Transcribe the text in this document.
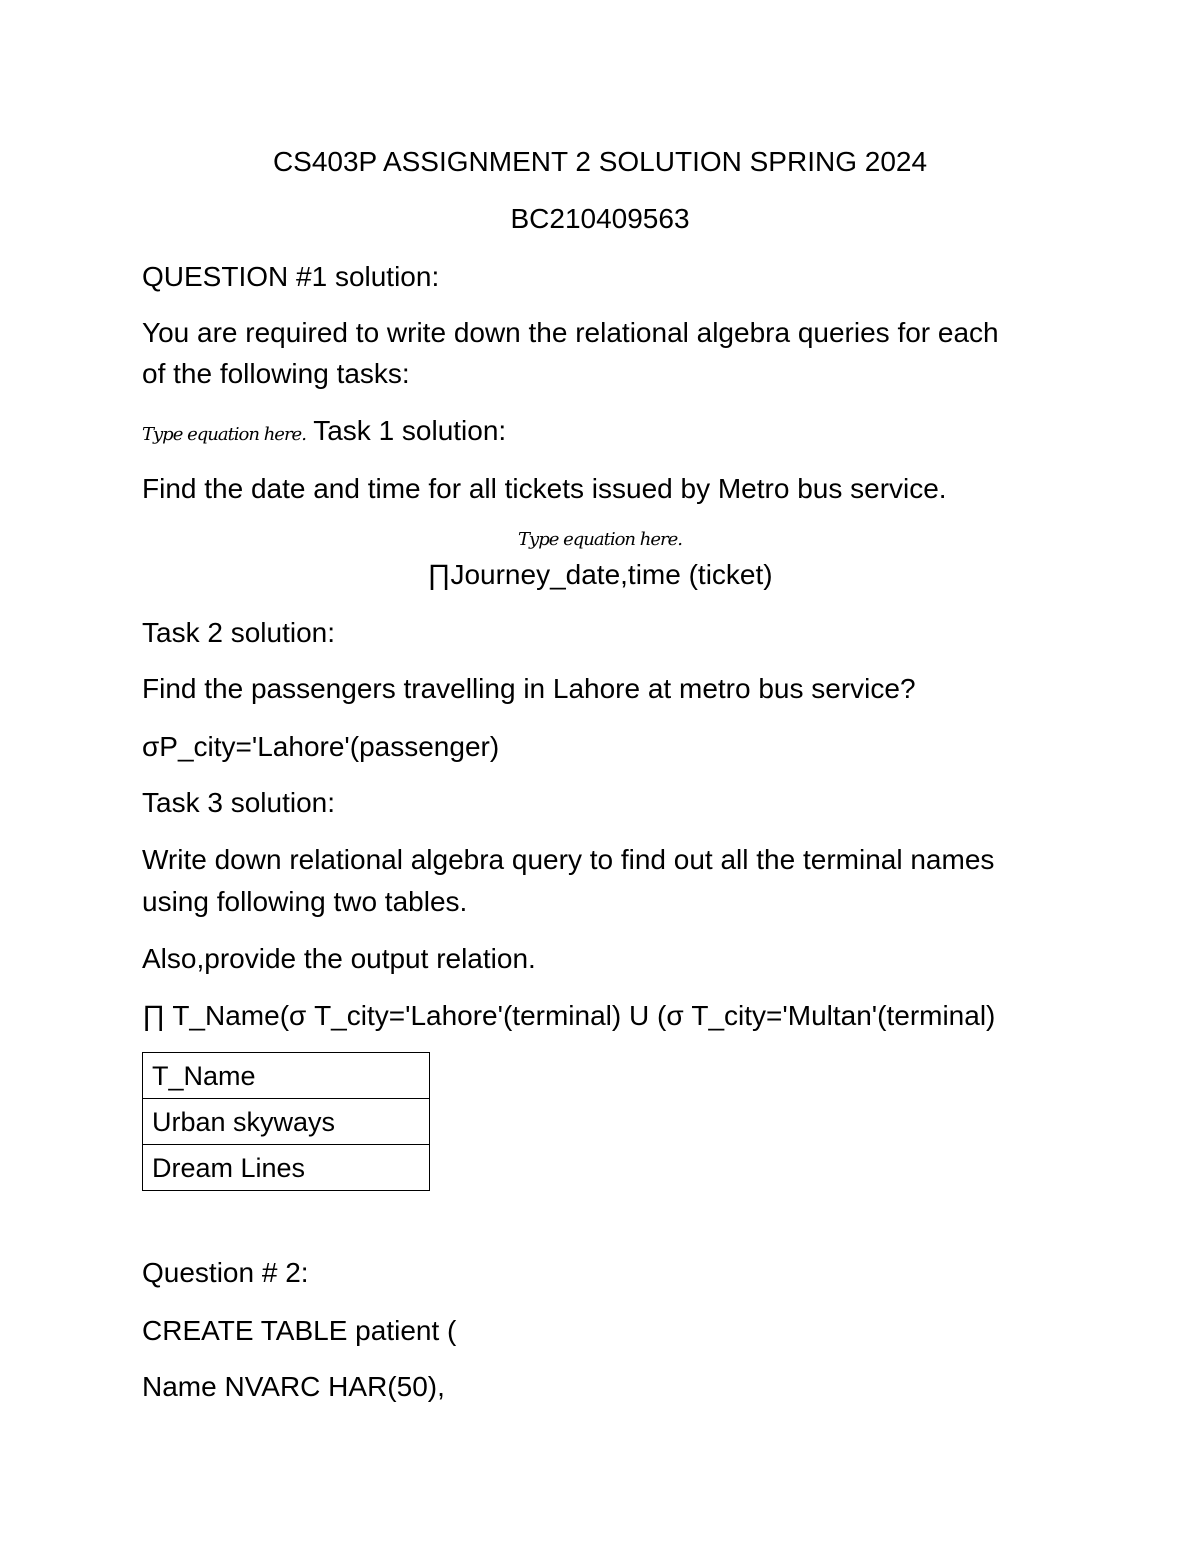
CS403P ASSIGNMENT 2 SOLUTION SPRING 2024
BC210409563
QUESTION #1 solution:
You are required to write down the relational algebra queries for each
of the following tasks:
Type equation here. Task 1 solution:
Find the date and time for all tickets issued by Metro bus service.
Type equation here.
∏Journey_date,time (ticket)
Task 2 solution:
Find the passengers travelling in Lahore at metro bus service?
σP_city='Lahore'(passenger)
Task 3 solution:
Write down relational algebra query to find out all the terminal names
using following two tables.
Also,provide the output relation.
∏ T_Name(σ T_city='Lahore'(terminal) U (σ T_city='Multan'(terminal)
T_Name
Urban skyways
Dream Lines
Question # 2:
CREATE TABLE patient (
Name NVARC HAR(50),
